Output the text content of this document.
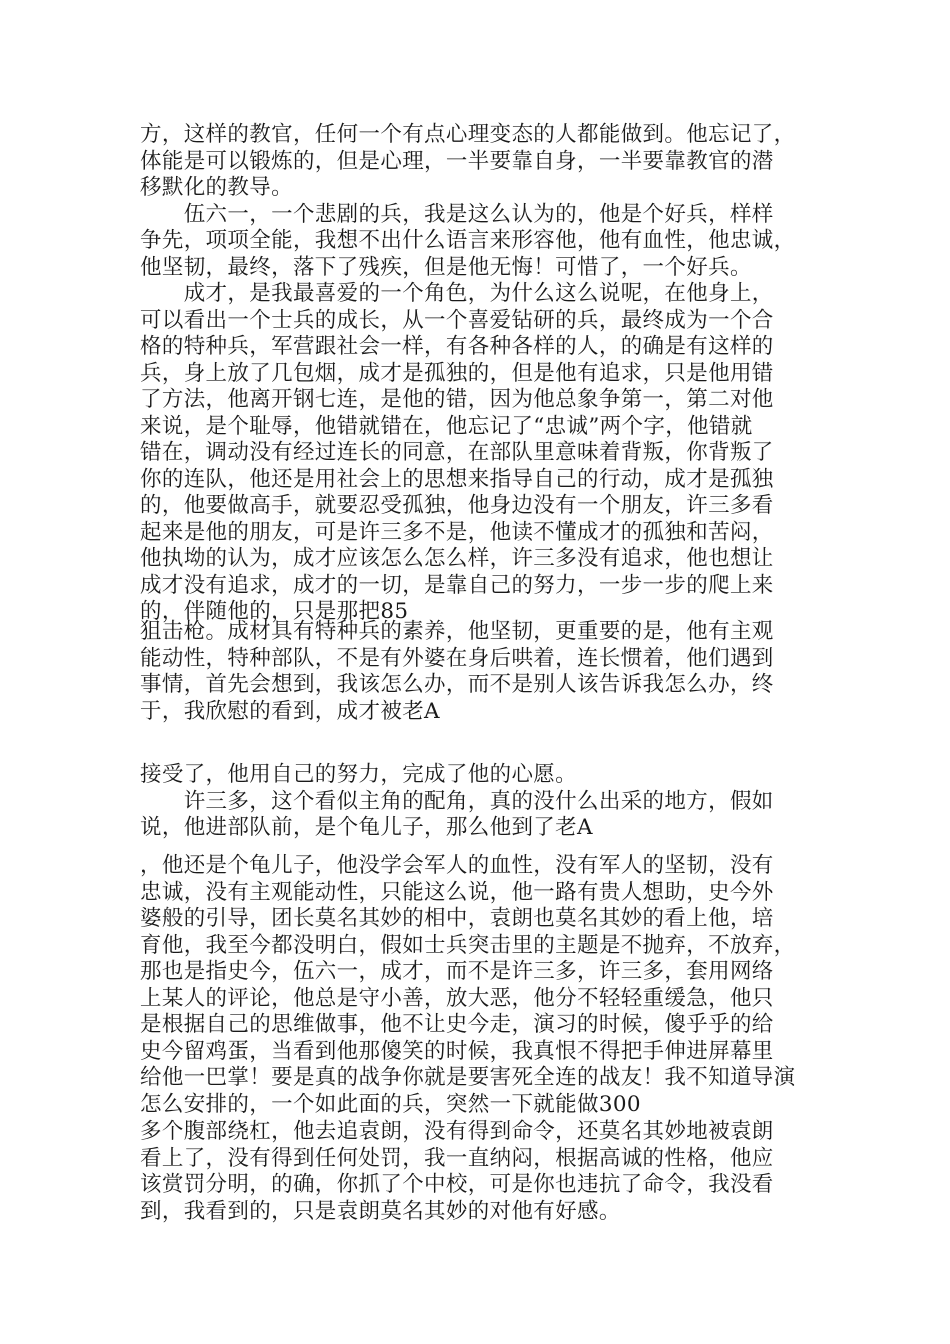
方，这样的教官，任何一个有点心理变态的人都能做到。他忘记了，
体能是可以锻炼的，但是心理，一半要靠自身，一半要靠教官的潜
移默化的教导。
　　伍六一，一个悲剧的兵，我是这么认为的，他是个好兵，样样
争先，项项全能，我想不出什么语言来形容他，他有血性，他忠诚，
他坚韧，最终，落下了残疾，但是他无悔！可惜了，一个好兵。
　　成才，是我最喜爱的一个角色，为什么这么说呢，在他身上，
可以看出一个士兵的成长，从一个喜爱钻研的兵，最终成为一个合
格的特种兵，军营跟社会一样，有各种各样的人，的确是有这样的
兵，身上放了几包烟，成才是孤独的，但是他有追求，只是他用错
了方法，他离开钢七连，是他的错，因为他总象争第一，第二对他
来说，是个耻辱，他错就错在，他忘记了“忠诚”两个字，他错就
错在，调动没有经过连长的同意，在部队里意味着背叛，你背叛了
你的连队，他还是用社会上的思想来指导自己的行动，成才是孤独
的，他要做高手，就要忍受孤独，他身边没有一个朋友，许三多看
起来是他的朋友，可是许三多不是，他读不懂成才的孤独和苦闷，
他执坳的认为，成才应该怎么怎么样，许三多没有追求，他也想让
成才没有追求，成才的一切，是靠自己的努力，一步一步的爬上来
的，伴随他的，只是那把85
狙击枪。成材具有特种兵的素养，他坚韧，更重要的是，他有主观
能动性，特种部队，不是有外婆在身后哄着，连长惯着，他们遇到
事情，首先会想到，我该怎么办，而不是别人该告诉我怎么办，终
于，我欣慰的看到，成才被老A
接受了，他用自己的努力，完成了他的心愿。
　　许三多，这个看似主角的配角，真的没什么出采的地方，假如
说，他进部队前，是个龟儿子，那么他到了老A
，他还是个龟儿子，他没学会军人的血性，没有军人的坚韧，没有
忠诚，没有主观能动性，只能这么说，他一路有贵人想助，史今外
婆般的引导，团长莫名其妙的相中，袁朗也莫名其妙的看上他，培
育他，我至今都没明白，假如士兵突击里的主题是不抛弃，不放弃，
那也是指史今，伍六一，成才，而不是许三多，许三多，套用网络
上某人的评论，他总是守小善，放大恶，他分不轻轻重缓急，他只
是根据自己的思维做事，他不让史今走，演习的时候，傻乎乎的给
史今留鸡蛋，当看到他那傻笑的时候，我真恨不得把手伸进屏幕里
给他一巴掌！要是真的战争你就是要害死全连的战友！我不知道导演
怎么安排的，一个如此面的兵，突然一下就能做300
多个腹部绕杠，他去追袁朗，没有得到命令，还莫名其妙地被袁朗
看上了，没有得到任何处罚，我一直纳闷，根据高诚的性格，他应
该赏罚分明，的确，你抓了个中校，可是你也违抗了命令，我没看
到，我看到的，只是袁朗莫名其妙的对他有好感。
